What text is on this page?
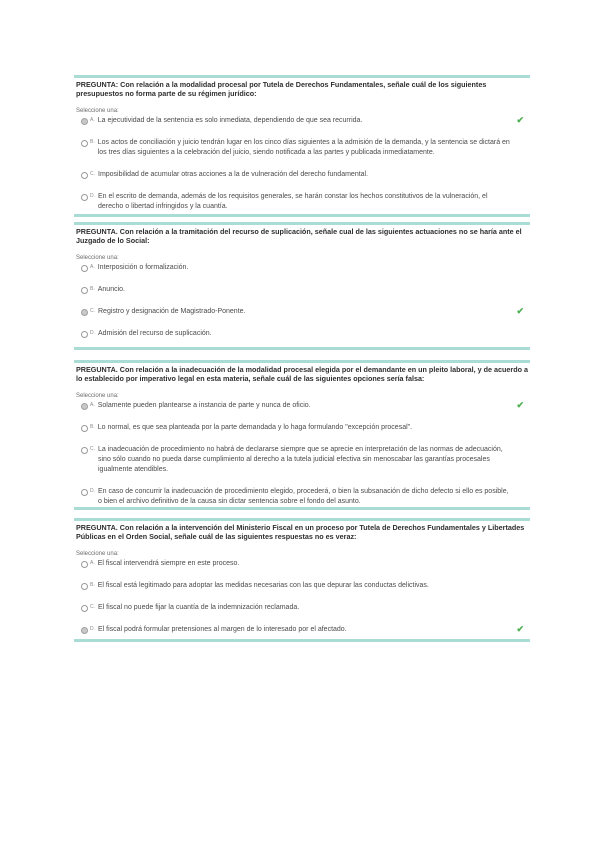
PREGUNTA: Con relación a la modalidad procesal por Tutela de Derechos Fundamentales, señale cuál de los siguientes presupuestos no forma parte de su régimen jurídico:
Seleccione una:
A. La ejecutividad de la sentencia es solo inmediata, dependiendo de que sea recurrida.	✔
B. Los actos de conciliación y juicio tendrán lugar en los cinco días siguientes a la admisión de la demanda, y la sentencia se dictará en los tres días siguientes a la celebración del juicio, siendo notificada a las partes y publicada inmediatamente.
C. Imposibilidad de acumular otras acciones a la de vulneración del derecho fundamental.
D. En el escrito de demanda, además de los requisitos generales, se harán constar los hechos constitutivos de la vulneración, el derecho o libertad infringidos y la cuantía.
PREGUNTA. Con relación a la tramitación del recurso de suplicación, señale cual de las siguientes actuaciones no se haría ante el Juzgado de lo Social:
Seleccione una:
A. Interposición o formalización.
B. Anuncio.
C. Registro y designación de Magistrado-Ponente.	✔
D. Admisión del recurso de suplicación.
PREGUNTA. Con relación a la inadecuación de la modalidad procesal elegida por el demandante en un pleito laboral, y de acuerdo a lo establecido por imperativo legal en esta materia, señale cuál de las siguientes opciones sería falsa:
Seleccione una:
A. Solamente pueden plantearse a instancia de parte y nunca de oficio.	✔
B. Lo normal, es que sea planteada por la parte demandada y lo haga formulando "excepción procesal".
C. La inadecuación de procedimiento no habrá de declararse siempre que se aprecie en interpretación de las normas de adecuación, sino sólo cuando no pueda darse cumplimiento al derecho a la tutela judicial efectiva sin menoscabar las garantías procesales igualmente atendibles.
D. En caso de concurrir la inadecuación de procedimiento elegido, procederá, o bien la subsanación de dicho defecto si ello es posible, o bien el archivo definitivo de la causa sin dictar sentencia sobre el fondo del asunto.
PREGUNTA. Con relación a la intervención del Ministerio Fiscal en un proceso por Tutela de Derechos Fundamentales y Libertades Públicas en el Orden Social, señale cuál de las siguientes respuestas no es veraz:
Seleccione una:
A. El fiscal intervendrá siempre en este proceso.
B. El fiscal está legitimado para adoptar las medidas necesarias con las que depurar las conductas delictivas.
C. El fiscal no puede fijar la cuantía de la indemnización reclamada.
D. El fiscal podrá formular pretensiones al margen de lo interesado por el afectado.	✔
